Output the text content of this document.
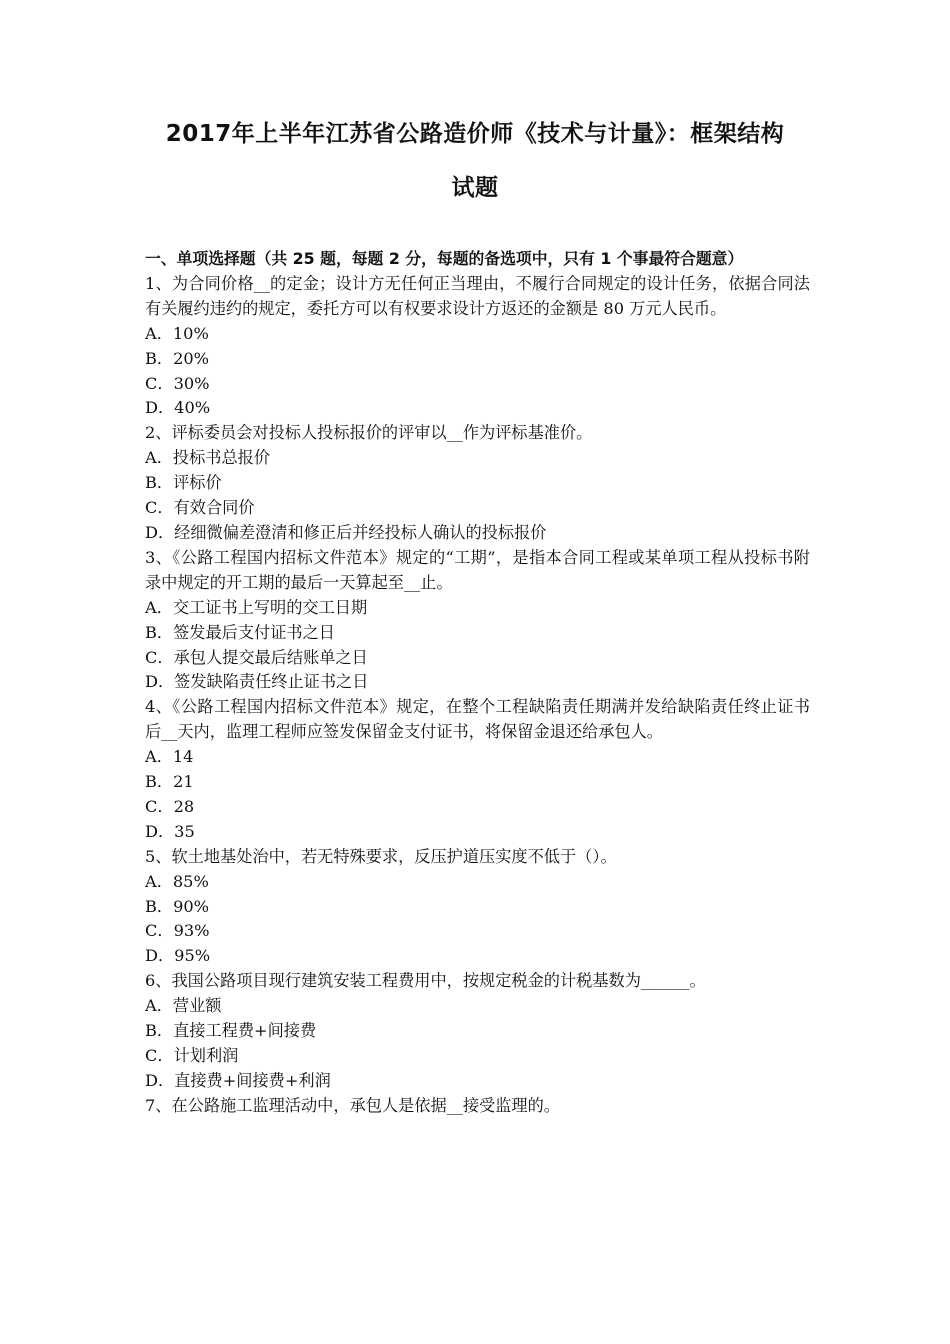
2017年上半年江苏省公路造价师《技术与计量》：框架结构
试题
一、单项选择题（共 25 题，每题 2 分，每题的备选项中，只有 1 个事最符合题意）
1、为合同价格__的定金；设计方无任何正当理由，不履行合同规定的设计任务，依据合同法有关履约违约的规定，委托方可以有权要求设计方返还的金额是 80 万元人民币。
A．10%
B．20%
C．30%
D．40%
2、评标委员会对投标人投标报价的评审以__作为评标基准价。
A．投标书总报价
B．评标价
C．有效合同价
D．经细微偏差澄清和修正后并经投标人确认的投标报价
3、《公路工程国内招标文件范本》规定的“工期”，是指本合同工程或某单项工程从投标书附录中规定的开工期的最后一天算起至__止。
A．交工证书上写明的交工日期
B．签发最后支付证书之日
C．承包人提交最后结账单之日
D．签发缺陷责任终止证书之日
4、《公路工程国内招标文件范本》规定，在整个工程缺陷责任期满并发给缺陷责任终止证书后__天内，监理工程师应签发保留金支付证书，将保留金退还给承包人。
A．14
B．21
C．28
D．35
5、软土地基处治中，若无特殊要求，反压护道压实度不低于（）。
A．85%
B．90%
C．93%
D．95%
6、我国公路项目现行建筑安装工程费用中，按规定税金的计税基数为______。
A．营业额
B．直接工程费+间接费
C．计划利润
D．直接费+间接费+利润
7、在公路施工监理活动中，承包人是依据__接受监理的。
